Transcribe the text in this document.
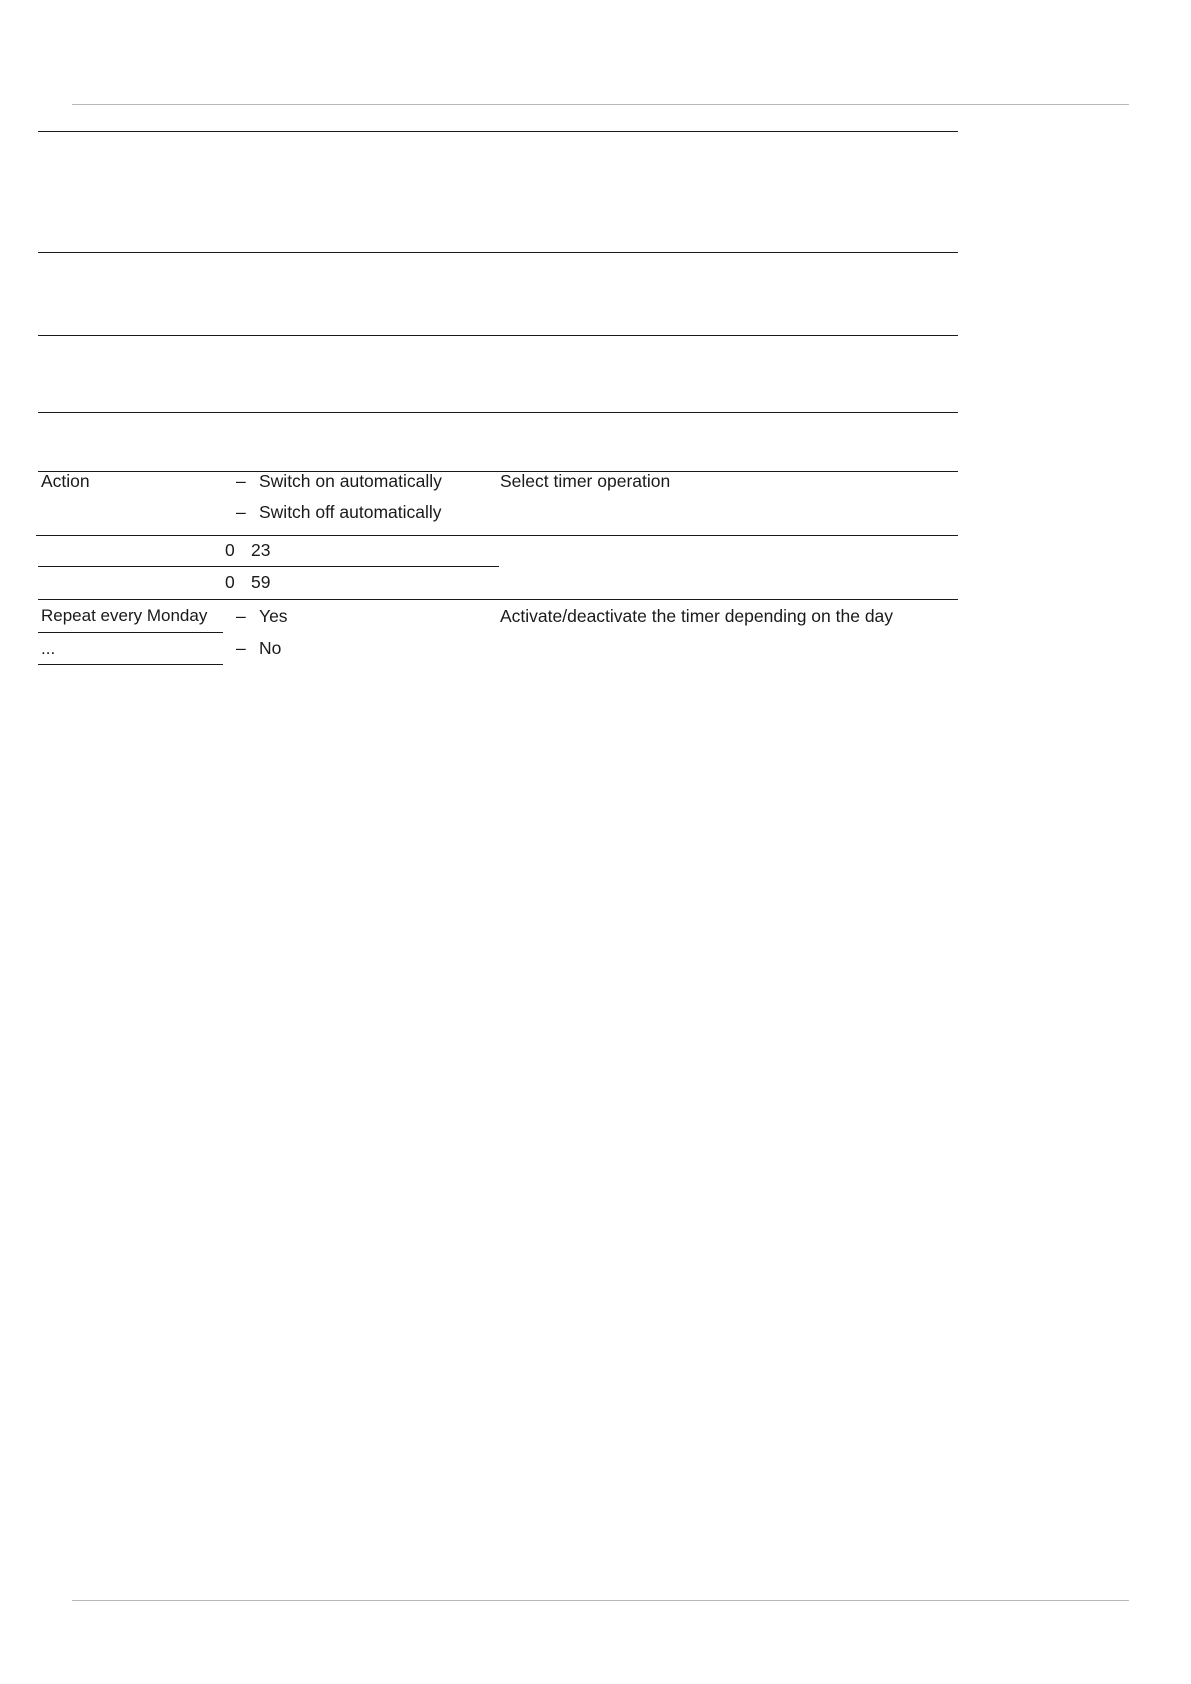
Action	– Switch on automatically
– Switch off automatically
Select timer operation
0 23
0 59
Repeat every Monday
...
– Yes
– No
Activate/deactivate the timer depending on the day
